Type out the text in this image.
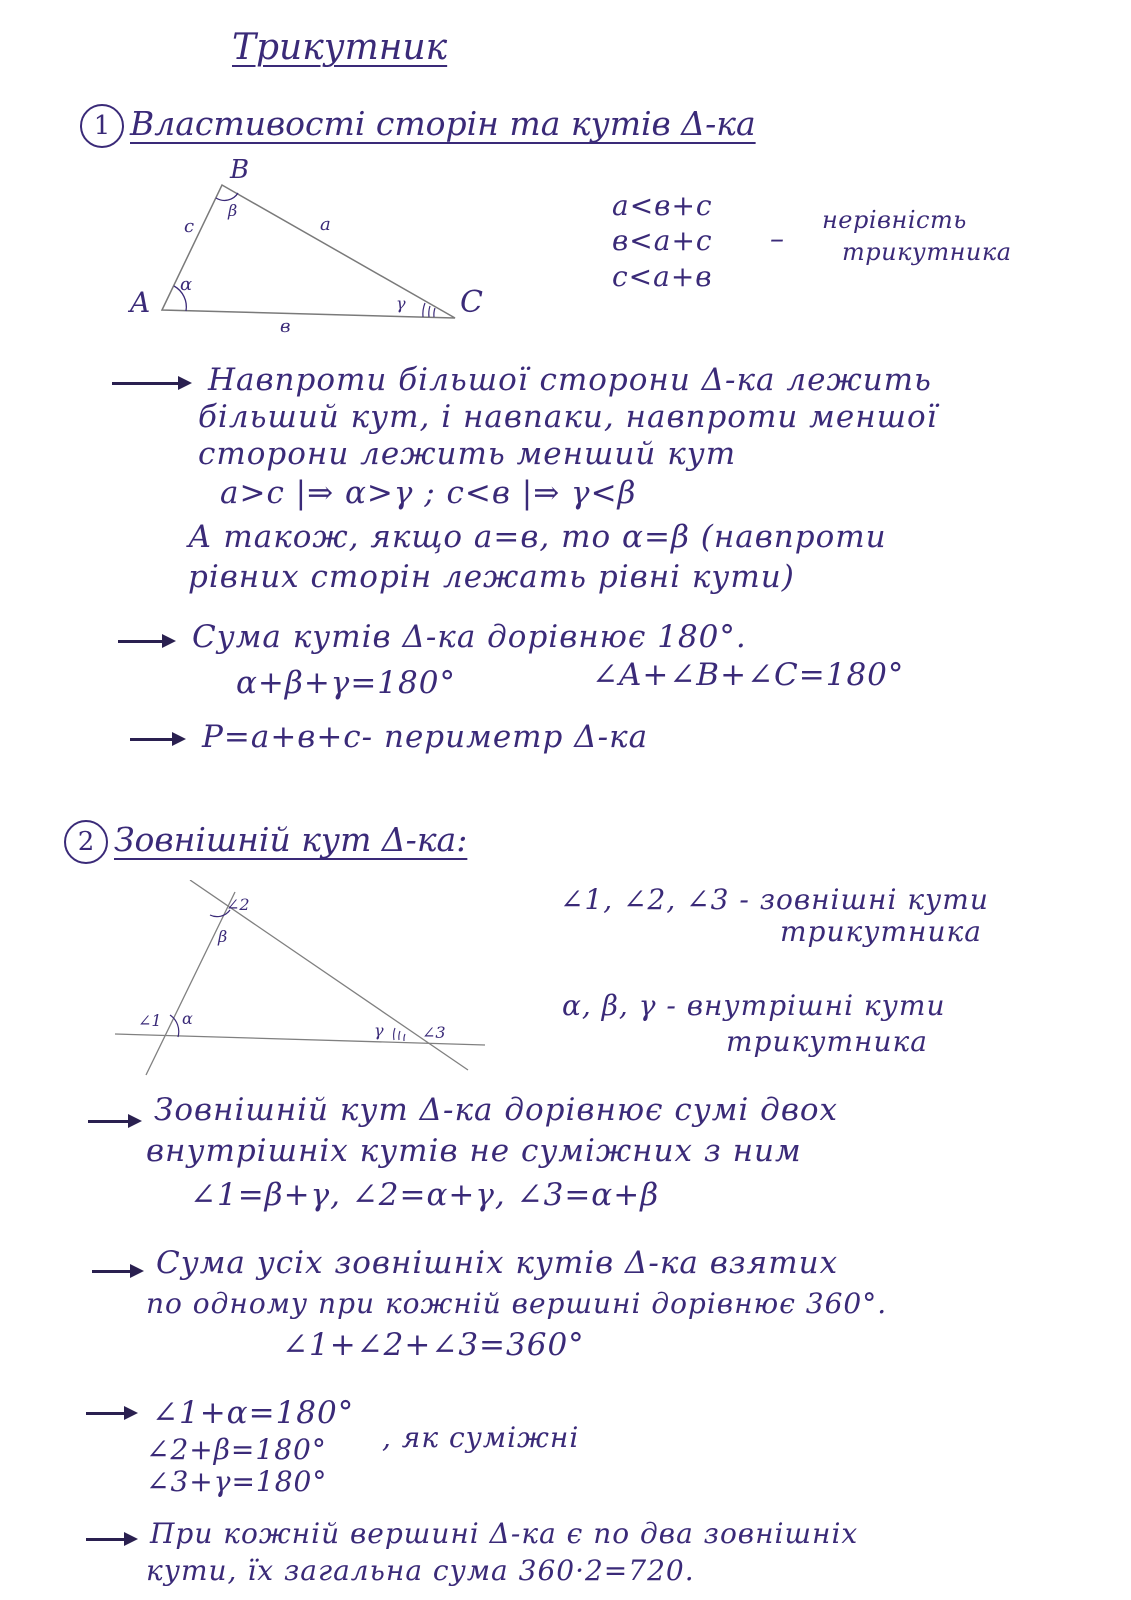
Трикутник
1 Властивості сторін та кутів Δ-ка
A
B
C
c	a
в
α
β
γ
a<в+c
в<a+c
c<a+в
–
нерівність
трикутника
Навпроти більшої сторони Δ-ка лежить
більший кут, і навпаки, навпроти меншої
сторони лежить менший кут
a>c |⇒ α>γ ; c<в |⇒ γ<β
А також, якщо a=в, то α=β (навпроти
рівних сторін лежать рівні кути)
Сума кутів Δ-ка дорівнює 180°.
α+β+γ=180°	∠A+∠B+∠C=180°
P=a+в+c- периметр Δ-ка
2 Зовнішній кут Δ-ка:
∠1
∠2
∠3
α
β
γ
∠1, ∠2, ∠3 - зовнішні кути
трикутника
α, β, γ - внутрішні кути
трикутника
Зовнішній кут Δ-ка дорівнює сумі двох
внутрішніх кутів не суміжних з ним
∠1=β+γ, ∠2=α+γ, ∠3=α+β
Сума усіх зовнішніх кутів Δ-ка взятих
по одному при кожній вершині дорівнює 360°.
∠1+∠2+∠3=360°
∠1+α=180°
∠2+β=180°
∠3+γ=180°
, як суміжні
При кожній вершині Δ-ка є по два зовнішніх
кути, їх загальна сума 360·2=720.
